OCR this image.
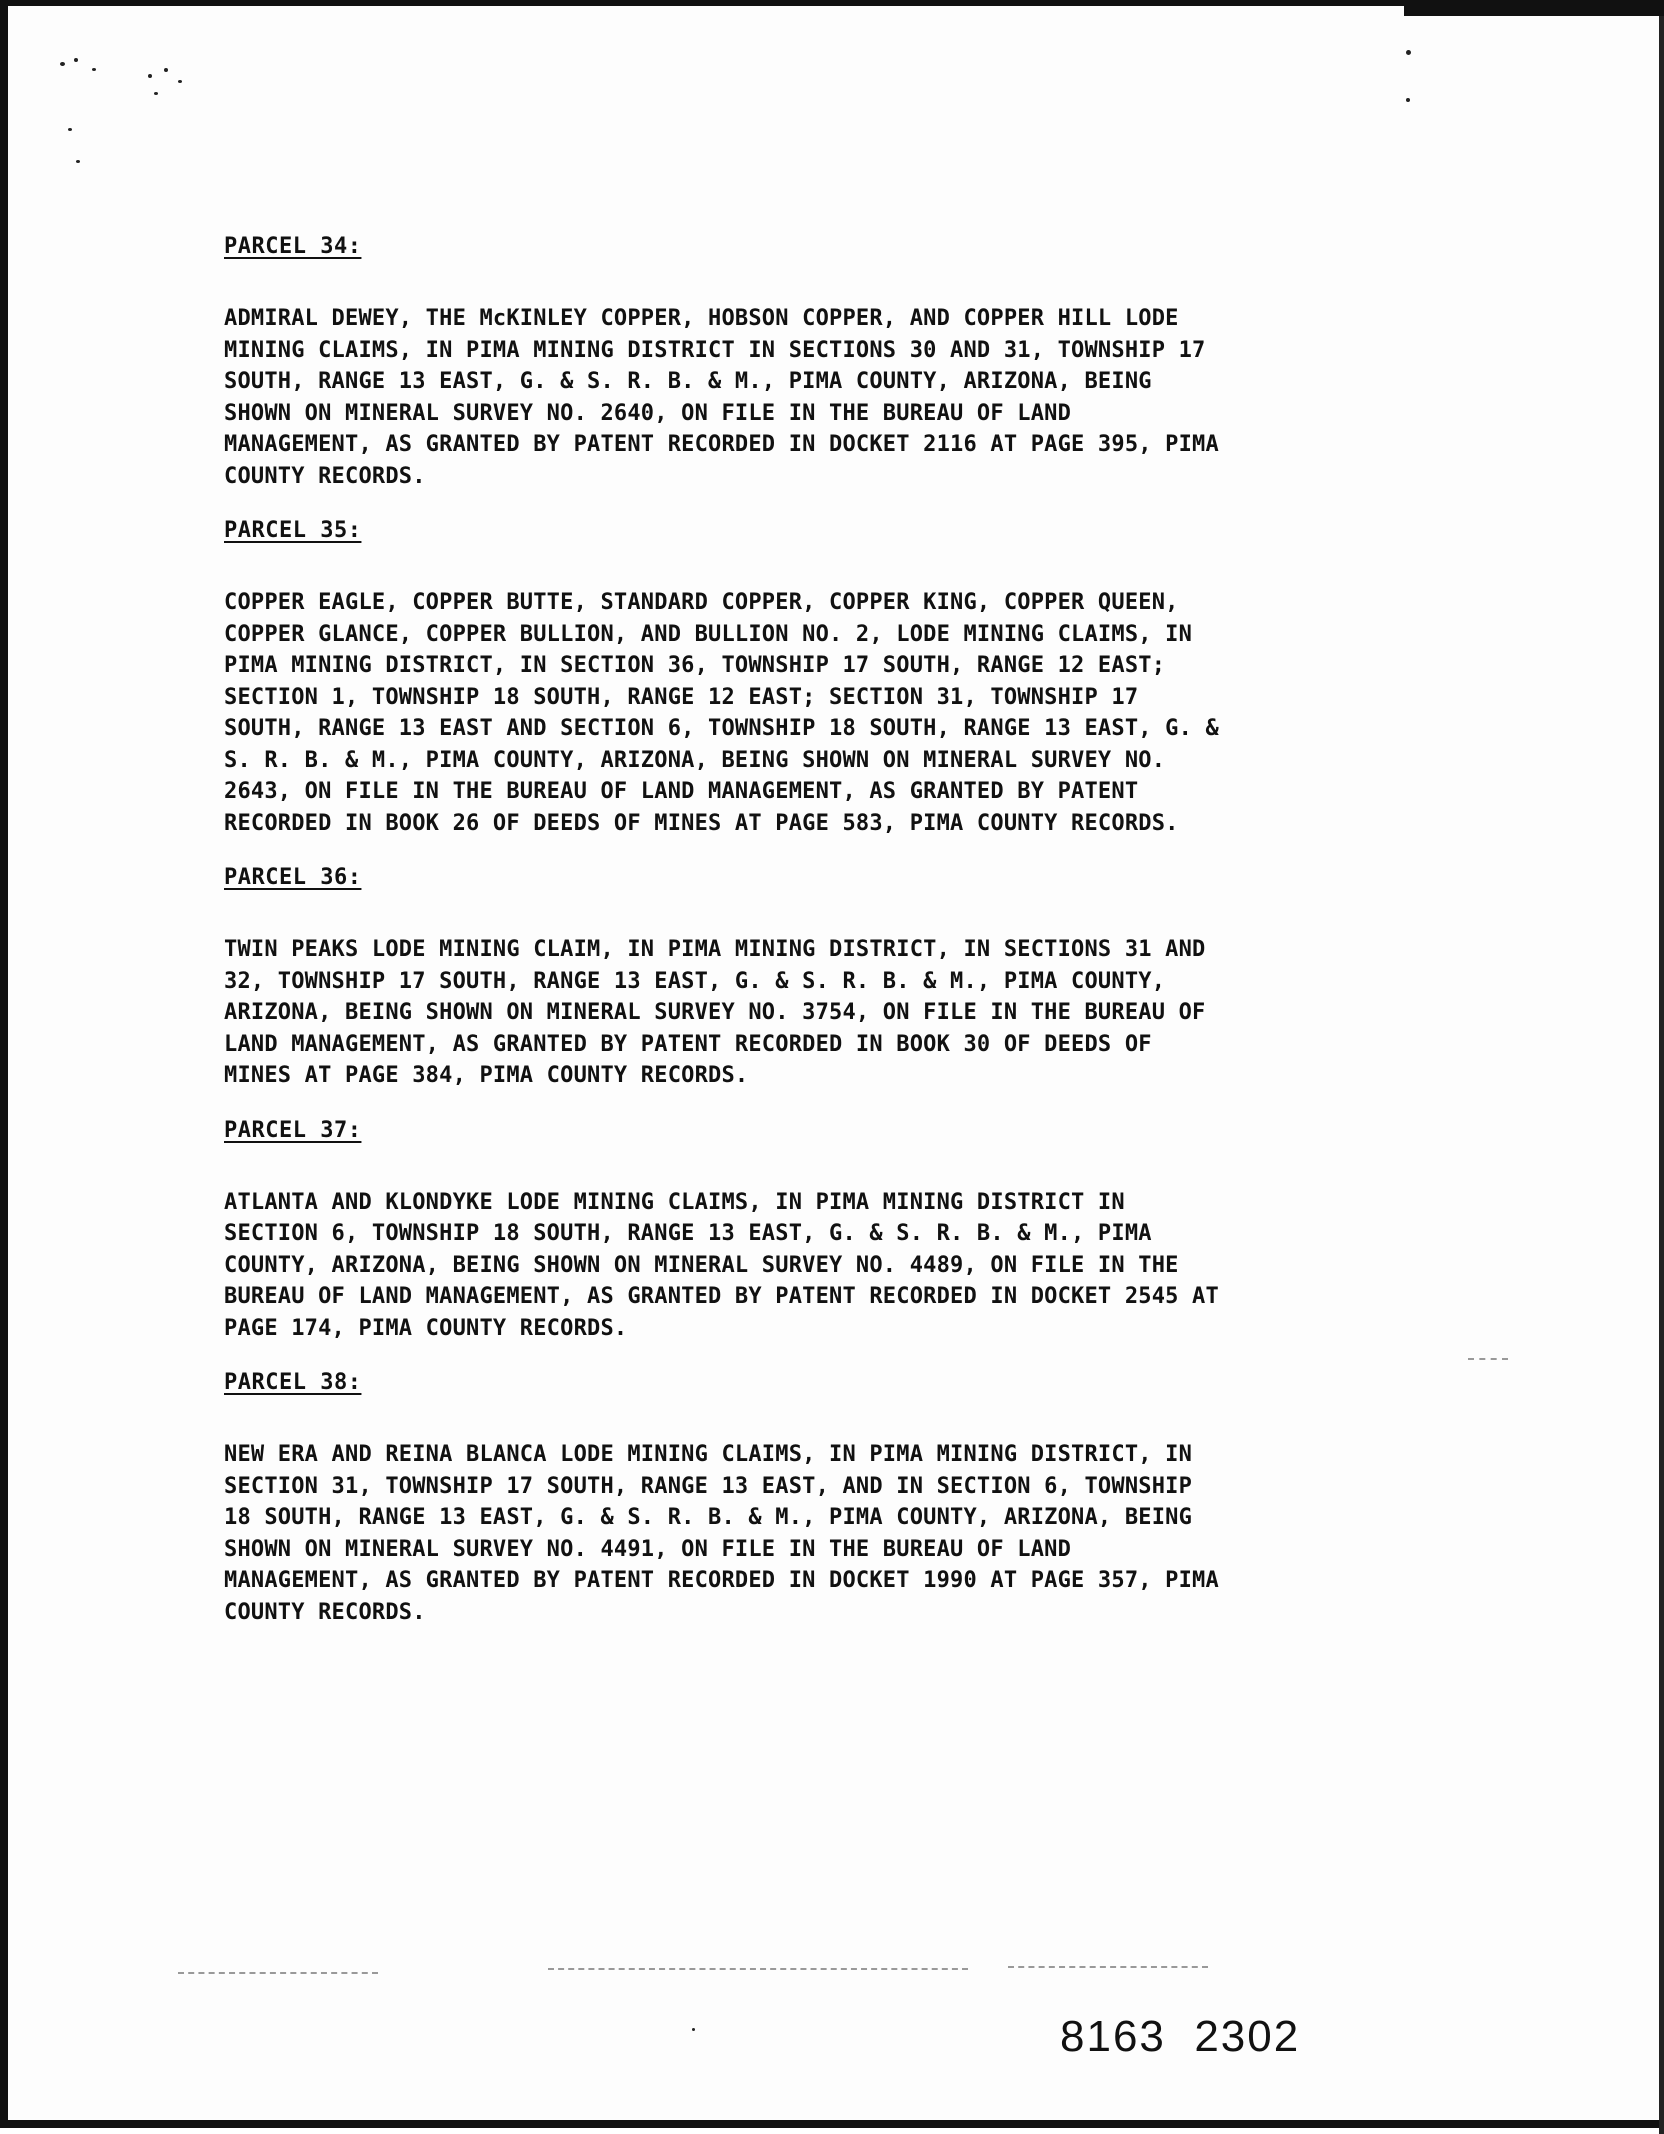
PARCEL 34:

ADMIRAL DEWEY, THE McKINLEY COPPER, HOBSON COPPER, AND COPPER HILL LODE
MINING CLAIMS, IN PIMA MINING DISTRICT IN SECTIONS 30 AND 31, TOWNSHIP 17
SOUTH, RANGE 13 EAST, G. & S. R. B. & M., PIMA COUNTY, ARIZONA, BEING
SHOWN ON MINERAL SURVEY NO. 2640, ON FILE IN THE BUREAU OF LAND
MANAGEMENT, AS GRANTED BY PATENT RECORDED IN DOCKET 2116 AT PAGE 395, PIMA
COUNTY RECORDS.

PARCEL 35:

COPPER EAGLE, COPPER BUTTE, STANDARD COPPER, COPPER KING, COPPER QUEEN,
COPPER GLANCE, COPPER BULLION, AND BULLION NO. 2, LODE MINING CLAIMS, IN
PIMA MINING DISTRICT, IN SECTION 36, TOWNSHIP 17 SOUTH, RANGE 12 EAST;
SECTION 1, TOWNSHIP 18 SOUTH, RANGE 12 EAST; SECTION 31, TOWNSHIP 17
SOUTH, RANGE 13 EAST AND SECTION 6, TOWNSHIP 18 SOUTH, RANGE 13 EAST, G. &
S. R. B. & M., PIMA COUNTY, ARIZONA, BEING SHOWN ON MINERAL SURVEY NO.
2643, ON FILE IN THE BUREAU OF LAND MANAGEMENT, AS GRANTED BY PATENT
RECORDED IN BOOK 26 OF DEEDS OF MINES AT PAGE 583, PIMA COUNTY RECORDS.

PARCEL 36:

TWIN PEAKS LODE MINING CLAIM, IN PIMA MINING DISTRICT, IN SECTIONS 31 AND
32, TOWNSHIP 17 SOUTH, RANGE 13 EAST, G. & S. R. B. & M., PIMA COUNTY,
ARIZONA, BEING SHOWN ON MINERAL SURVEY NO. 3754, ON FILE IN THE BUREAU OF
LAND MANAGEMENT, AS GRANTED BY PATENT RECORDED IN BOOK 30 OF DEEDS OF
MINES AT PAGE 384, PIMA COUNTY RECORDS.

PARCEL 37:

ATLANTA AND KLONDYKE LODE MINING CLAIMS, IN PIMA MINING DISTRICT IN
SECTION 6, TOWNSHIP 18 SOUTH, RANGE 13 EAST, G. & S. R. B. & M., PIMA
COUNTY, ARIZONA, BEING SHOWN ON MINERAL SURVEY NO. 4489, ON FILE IN THE
BUREAU OF LAND MANAGEMENT, AS GRANTED BY PATENT RECORDED IN DOCKET 2545 AT
PAGE 174, PIMA COUNTY RECORDS.

PARCEL 38:

NEW ERA AND REINA BLANCA LODE MINING CLAIMS, IN PIMA MINING DISTRICT, IN
SECTION 31, TOWNSHIP 17 SOUTH, RANGE 13 EAST, AND IN SECTION 6, TOWNSHIP
18 SOUTH, RANGE 13 EAST, G. & S. R. B. & M., PIMA COUNTY, ARIZONA, BEING
SHOWN ON MINERAL SURVEY NO. 4491, ON FILE IN THE BUREAU OF LAND
MANAGEMENT, AS GRANTED BY PATENT RECORDED IN DOCKET 1990 AT PAGE 357, PIMA
COUNTY RECORDS.

8163  2302
